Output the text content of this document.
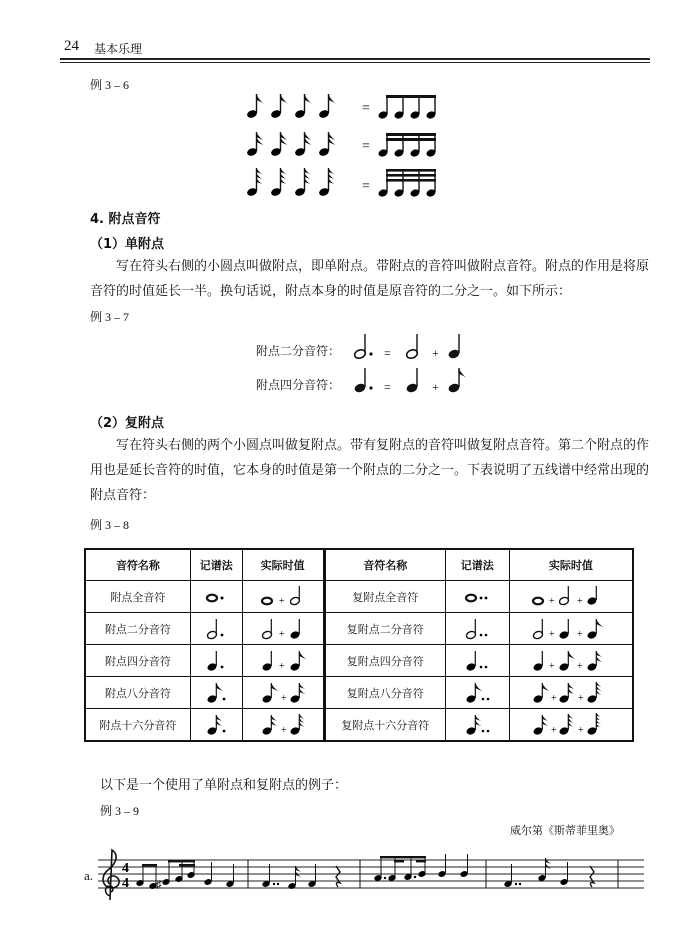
24 基本乐理
例 3 – 6
=
=
=
4. 附点音符
（1）单附点
写在符头右侧的小圆点叫做附点，即单附点。带附点的音符叫做附点音符。附点的作用是将原音符的时值延长一半。换句话说，附点本身的时值是原音符的二分之一。如下所示：
例 3 – 7
附点二分音符：
附点四分音符：
=	+
=	+
（2）复附点
写在符头右侧的两个小圆点叫做复附点。带有复附点的音符叫做复附点音符。第二个附点的作用也是延长音符的时值，它本身的时值是第一个附点的二分之一。下表说明了五线谱中经常出现的附点音符：
例 3 – 8
音符名称	记谱法	实际时值	音符名称	记谱法	实际时值
附点全音符		+	复附点全音符		+ +

附点二分音符		+	复附点二分音符		+ +

附点四分音符		+	复附点四分音符		+ +

附点八分音符		+	复附点八分音符		+ +

附点十六分音符		+	复附点十六分音符		+ +
以下是一个使用了单附点和复附点的例子：
例 3 – 9
威尔第《斯蒂菲里奥》
a. 4
4 ♯
